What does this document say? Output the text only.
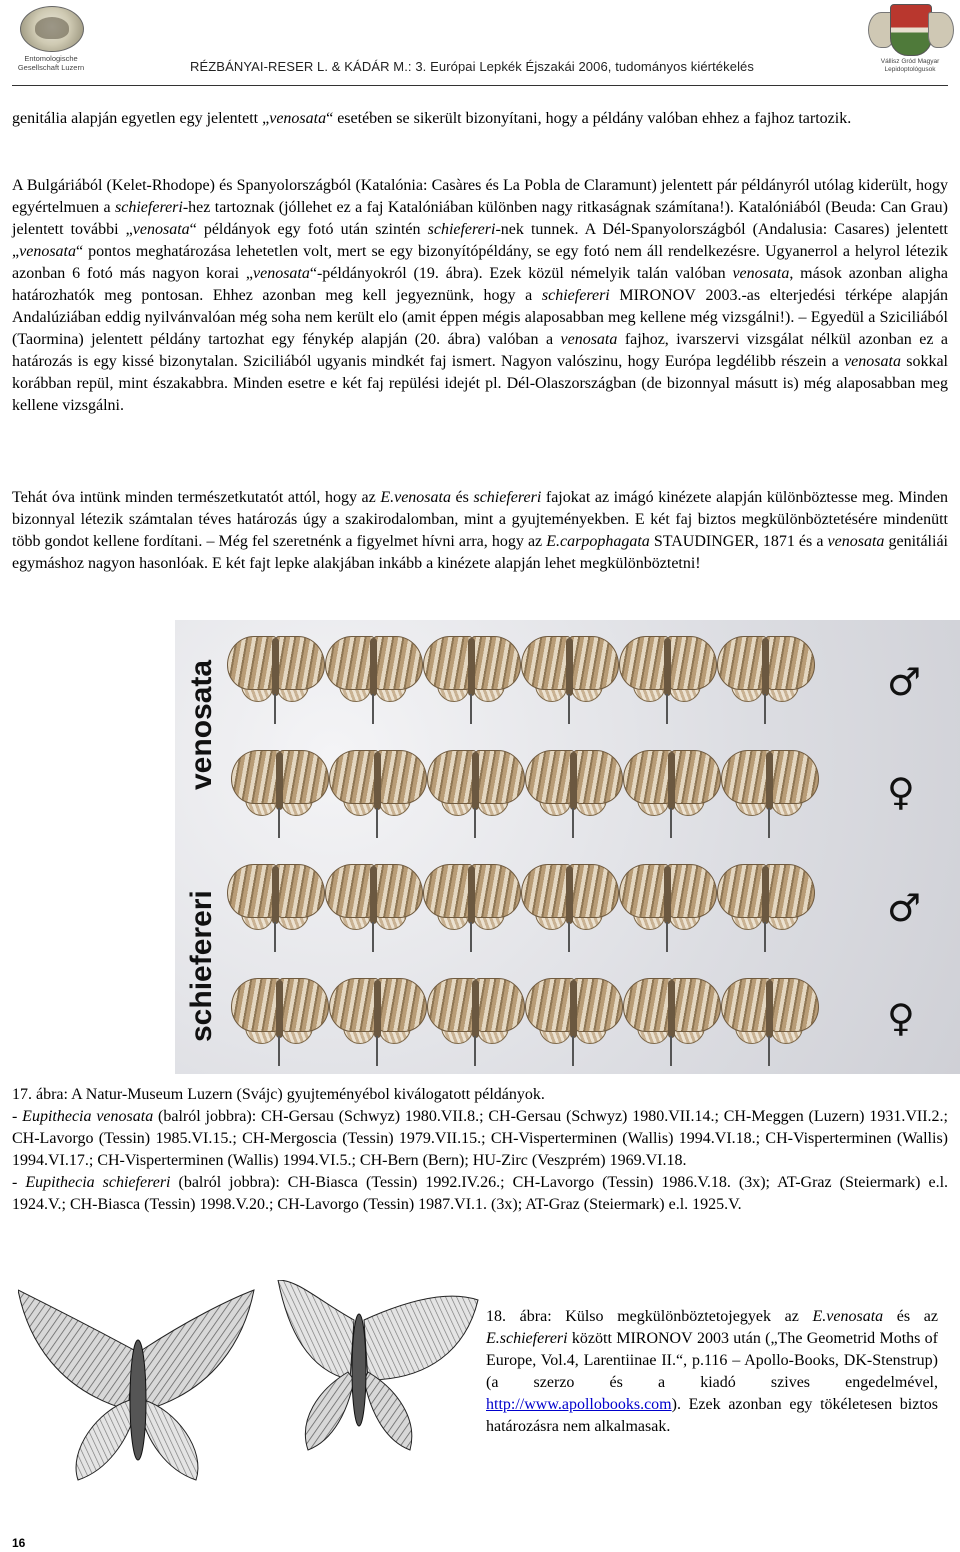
Entomologische Gesellschaft Luzern	RÉZBÁNYAI-RESER L. & KÁDÁR M.: 3. Európai Lepkék Éjszakái 2006, tudományos kiértékelés	Vállisz Gród Magyar Lepidoptológusok

genitália alapján egyetlen egy jelentett „venosata“ esetében se sikerült bizonyítani, hogy a példány valóban ehhez a fajhoz tartozik.

A Bulgáriából (Kelet-Rhodope) és Spanyolországból (Katalónia: Casàres és La Pobla de Claramunt) jelentett pár példányról utólag kiderült, hogy egyértelmuen a schiefereri-hez tartoznak (jóllehet ez a faj Katalóniában különben nagy ritkaságnak számítana!). Katalóniából (Beuda: Can Grau) jelentett további „venosata“ példányok egy fotó után szintén schiefereri-nek tunnek. A Dél-Spanyolországból (Andalusia: Casares) jelentett „venosata“ pontos meghatározása lehetetlen volt, mert se egy bizonyítópéldány, se egy fotó nem áll rendelkezésre. Ugyanerrol a helyrol létezik azonban 6 fotó más nagyon korai „venosata“-példányokról (19. ábra). Ezek közül némelyik talán valóban venosata, mások azonban aligha határozhatók meg pontosan. Ehhez azonban meg kell jegyeznünk, hogy a schiefereri MIRONOV 2003.-as elterjedési térképe alapján Andalúziában eddig nyilvánvalóan még soha nem került elo (amit éppen mégis alaposabban meg kellene még vizsgálni!). – Egyedül a Sziciliából (Taormina) jelentett példány tartozhat egy fénykép alapján (20. ábra) valóban a venosata fajhoz, ivarszervi vizsgálat nélkül azonban ez a határozás is egy kissé bizonytalan. Sziciliából ugyanis mindkét faj ismert. Nagyon valószinu, hogy Európa legdélibb részein a venosata sokkal korábban repül, mint északabbra. Minden esetre e két faj repülési idejét pl. Dél-Olaszországban (de bizonnyal másutt is) még alaposabban meg kellene vizsgálni.

Tehát óva intünk minden természetkutatót attól, hogy az E.venosata és schiefereri fajokat az imágó kinézete alapján különböztesse meg. Minden bizonnyal létezik számtalan téves határozás úgy a szakirodalomban, mint a gyujteményekben. E két faj biztos megkülönböztetésére mindenütt több gondot kellene fordítani. – Még fel szeretnénk a figyelmet hívni arra, hogy az E.carpophagata STAUDINGER, 1871 és a venosata genitáliái egymáshoz nagyon hasonlóak. E két fajt lepke alakjában inkább a kinézete alapján lehet megkülönböztetni!

venosata
schiefereri
♂
♀
♂
♀

17. ábra: A Natur-Museum Luzern (Svájc) gyujteményébol kiválogatott példányok.

- Eupithecia venosata (balról jobbra): CH-Gersau (Schwyz) 1980.VII.8.; CH-Gersau (Schwyz) 1980.VII.14.; CH-Meggen (Luzern) 1931.VII.2.; CH-Lavorgo (Tessin) 1985.VI.15.; CH-Mergoscia (Tessin) 1979.VII.15.; CH-Visperterminen (Wallis) 1994.VI.18.; CH-Visperterminen (Wallis) 1994.VI.17.; CH-Visperterminen (Wallis) 1994.VI.5.; CH-Bern (Bern); HU-Zirc (Veszprém) 1969.VI.18.

- Eupithecia schiefereri (balról jobbra): CH-Biasca (Tessin) 1992.IV.26.; CH-Lavorgo (Tessin) 1986.V.18. (3x); AT-Graz (Steiermark) e.l. 1924.V.; CH-Biasca (Tessin) 1998.V.20.; CH-Lavorgo (Tessin) 1987.VI.1. (3x); AT-Graz (Steiermark) e.l. 1925.V.

18. ábra: Külso megkülönböztetojegyek az E.venosata és az E.schiefereri között MIRONOV 2003 után („The Geometrid Moths of Europe, Vol.4, Larentiinae II.“, p.116 – Apollo-Books, DK-Stenstrup) (a szerzo és a kiadó szives engedelmével, http://www.apollobooks.com). Ezek azonban egy tökéletesen biztos határozásra nem alkalmasak.
16
